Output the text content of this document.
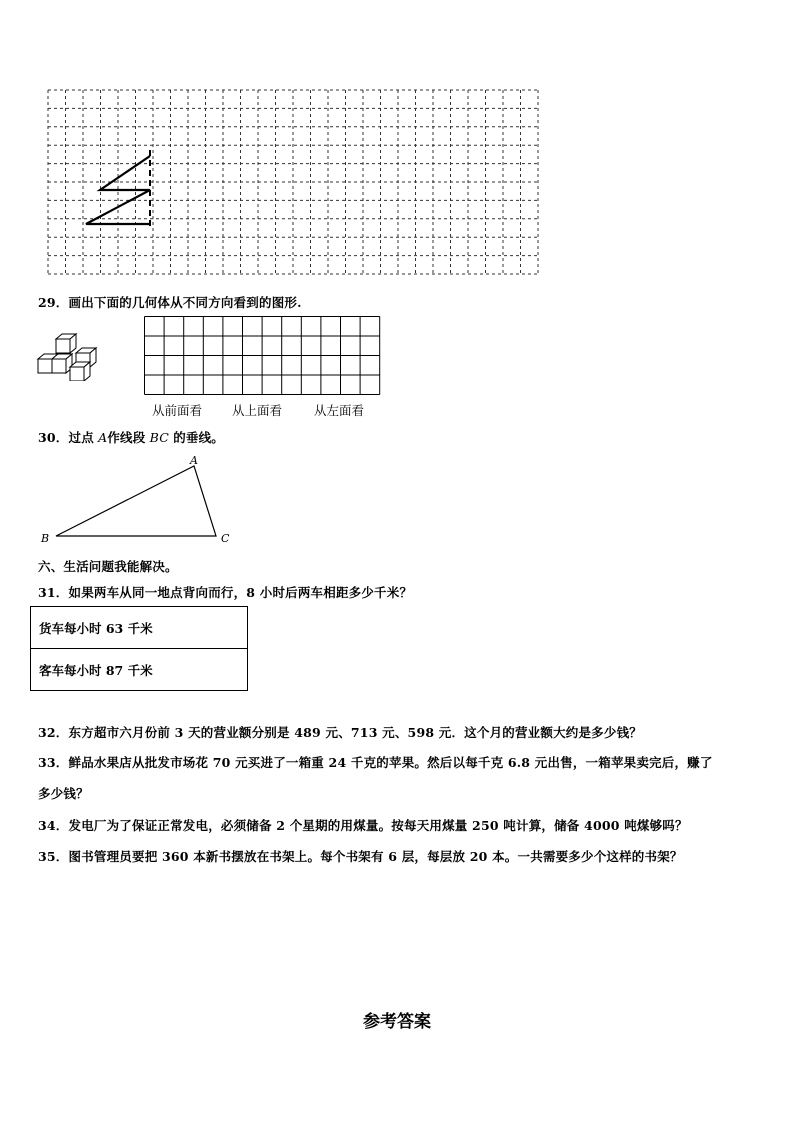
29．画出下面的几何体从不同方向看到的图形.
从前面看 从上面看	从左面看
30．过点 A作线段 BC 的垂线。
A
B	C
六、生活问题我能解决。
31．如果两车从同一地点背向而行，8 小时后两车相距多少千米？
货车每小时 63 千米
客车每小时 87 千米
32．东方超市六月份前 3 天的营业额分别是 489 元、713 元、598 元．这个月的营业额大约是多少钱？
33．鲜品水果店从批发市场花 70 元买进了一箱重 24 千克的苹果。然后以每千克 6.8 元出售，一箱苹果卖完后，赚了
多少钱？
34．发电厂为了保证正常发电，必须储备 2 个星期的用煤量。按每天用煤量 250 吨计算，储备 4000 吨煤够吗？
35．图书管理员要把 360 本新书摆放在书架上。每个书架有 6 层，每层放 20 本。一共需要多少个这样的书架？
参考答案
